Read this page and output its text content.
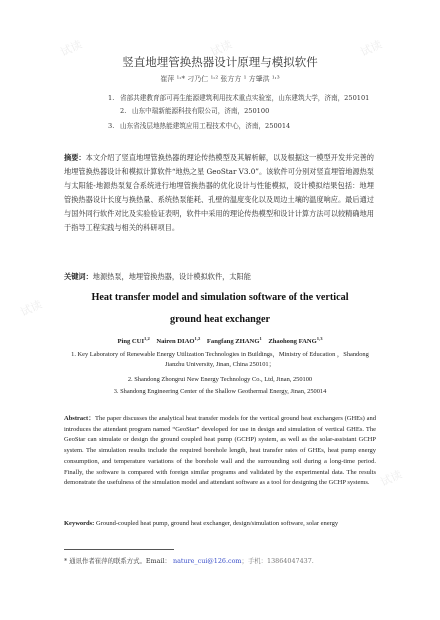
试读	试读	试读
试读
试读
竖直地埋管换热器设计原理与模拟软件
崔萍 ¹˒* 刁乃仁 ¹˒² 张方方 ¹ 方肇洪 ¹˒³
1. 省部共建教育部可再生能源建筑利用技术重点实验室，山东建筑大学，济南，250101
2. 山东中瑞新能源科技有限公司，济南，250100
3. 山东省浅层地热能建筑应用工程技术中心，济南，250014
摘要：本文介绍了竖直地埋管换热器的理论传热模型及其解析解，以及根据这一模型开发并完善的地埋管换热器设计和模拟计算软件“地热之星 GeoStar V3.0”。该软件可分别对竖直埋管地源热泵与太阳能-地源热泵复合系统进行地埋管换热器的优化设计与性能模拟，设计模拟结果包括：地埋管换热器设计长度与换热量、系统热泵能耗、孔壁的温度变化以及周边土壤的温度响应。最后通过与国外同行软件对比及实验验证表明，软件中采用的理论传热模型和设计计算方法可以较精确地用于指导工程实践与相关的科研项目。
关键词：地源热泵，地埋管换热器，设计模拟软件，太阳能
Heat transfer model and simulation software of the vertical
ground heat exchanger
Ping CUI$^{1,2}$ Nairen DIAO$^{1,2}$ Fangfang ZHANG$^1$ Zhaohong FANG$^{1,3}$
1. Key Laboratory of Renewable Energy Utilization Technologies in Buildings，Ministry of Education ，Shandong Jianzhu University, Jinan, China 250101；
2. Shandong Zhongrui New Energy Technology Co., Ltd, Jinan, 250100
3. Shandong Engineering Center of the Shallow Geothermal Energy, Jinan, 250014
Abstract：The paper discusses the analytical heat transfer models for the vertical ground heat exchangers (GHEs) and introduces the attendant program named “GeoStar” developed for use in design and simulation of vertical GHEs. The GeoStar can simulate or design the ground coupled heat pump (GCHP) system, as well as the solar-assistant GCHP system. The simulation results include the required borehole length, heat transfer rates of GHEs, heat pump energy consumption, and temperature variations of the borehole wall and the surrounding soil during a long-time period. Finally, the software is compared with foreign similar programs and validated by the experimental data. The results demonstrate the usefulness of the simulation model and attendant software as a tool for designing the GCHP systems.
Keywords: Ground-coupled heat pump, ground heat exchanger, design/simulation software, solar energy
* 通讯作者崔萍的联系方式。Email： nature_cui@126.com；手机：13864047437.
